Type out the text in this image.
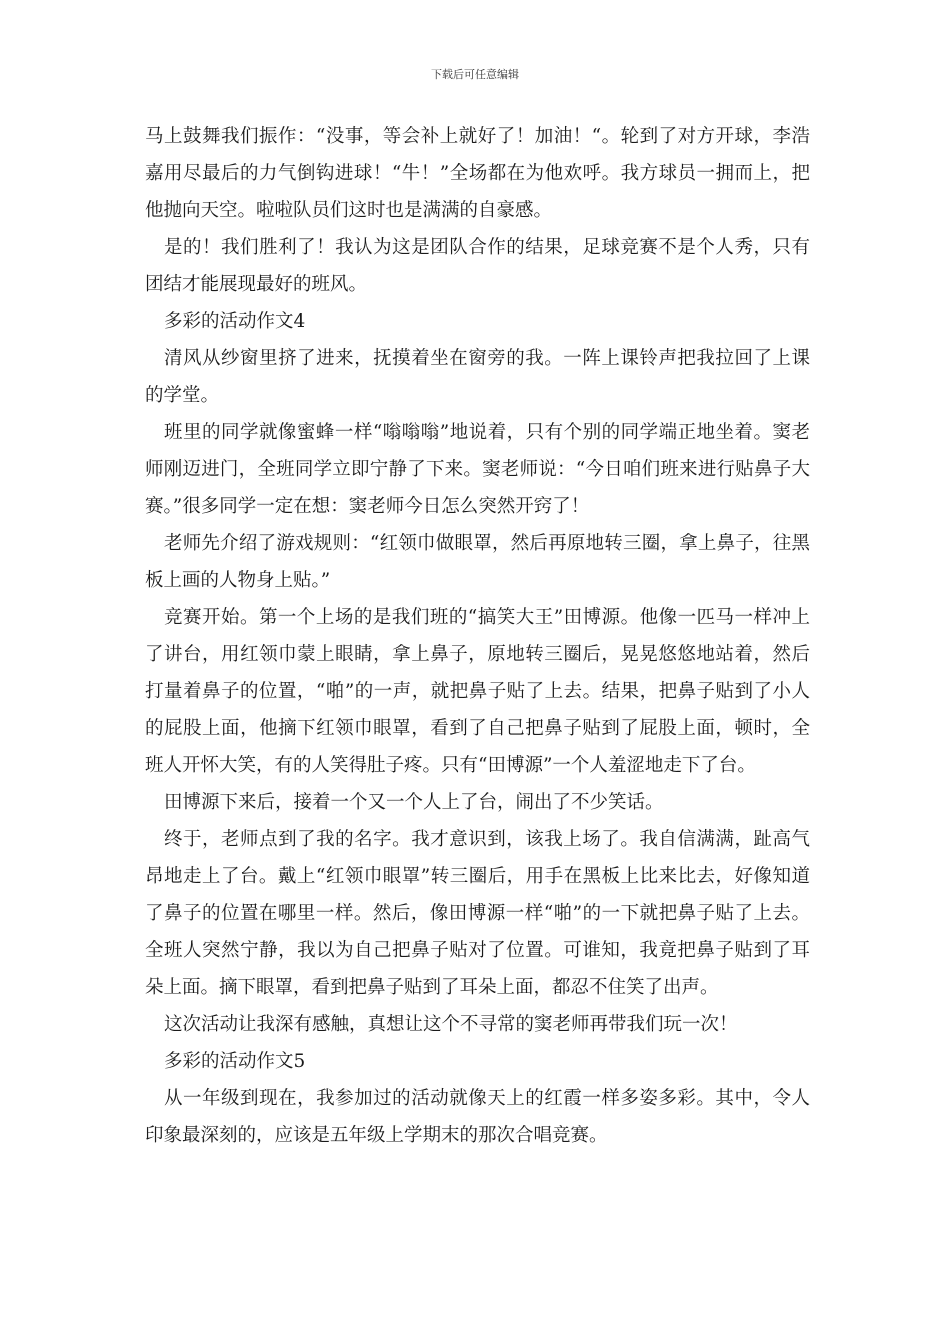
下载后可任意编辑

马上鼓舞我们振作：“没事，等会补上就好了！加油！“。轮到了对方开球，李浩嘉用尽最后的力气倒钩进球！“牛！”全场都在为他欢呼。我方球员一拥而上，把他抛向天空。啦啦队员们这时也是满满的自豪感。

是的！我们胜利了！我认为这是团队合作的结果，足球竞赛不是个人秀，只有团结才能展现最好的班风。

多彩的活动作文4

清风从纱窗里挤了进来，抚摸着坐在窗旁的我。一阵上课铃声把我拉回了上课的学堂。

班里的同学就像蜜蜂一样“嗡嗡嗡”地说着，只有个别的同学端正地坐着。窦老师刚迈进门，全班同学立即宁静了下来。窦老师说：“今日咱们班来进行贴鼻子大赛。”很多同学一定在想：窦老师今日怎么突然开窍了！

老师先介绍了游戏规则：“红领巾做眼罩，然后再原地转三圈，拿上鼻子，往黑板上画的人物身上贴。”

竞赛开始。第一个上场的是我们班的“搞笑大王”田博源。他像一匹马一样冲上了讲台，用红领巾蒙上眼睛，拿上鼻子，原地转三圈后，晃晃悠悠地站着，然后打量着鼻子的位置，“啪”的一声，就把鼻子贴了上去。结果，把鼻子贴到了小人的屁股上面，他摘下红领巾眼罩，看到了自己把鼻子贴到了屁股上面，顿时，全班人开怀大笑，有的人笑得肚子疼。只有“田博源”一个人羞涩地走下了台。

田博源下来后，接着一个又一个人上了台，闹出了不少笑话。

终于，老师点到了我的名字。我才意识到，该我上场了。我自信满满，趾高气昂地走上了台。戴上“红领巾眼罩”转三圈后，用手在黑板上比来比去，好像知道了鼻子的位置在哪里一样。然后，像田博源一样“啪”的一下就把鼻子贴了上去。全班人突然宁静，我以为自己把鼻子贴对了位置。可谁知，我竟把鼻子贴到了耳朵上面。摘下眼罩，看到把鼻子贴到了耳朵上面，都忍不住笑了出声。

这次活动让我深有感触，真想让这个不寻常的窦老师再带我们玩一次！

多彩的活动作文5

从一年级到现在，我参加过的活动就像天上的红霞一样多姿多彩。其中，令人印象最深刻的，应该是五年级上学期末的那次合唱竞赛。
